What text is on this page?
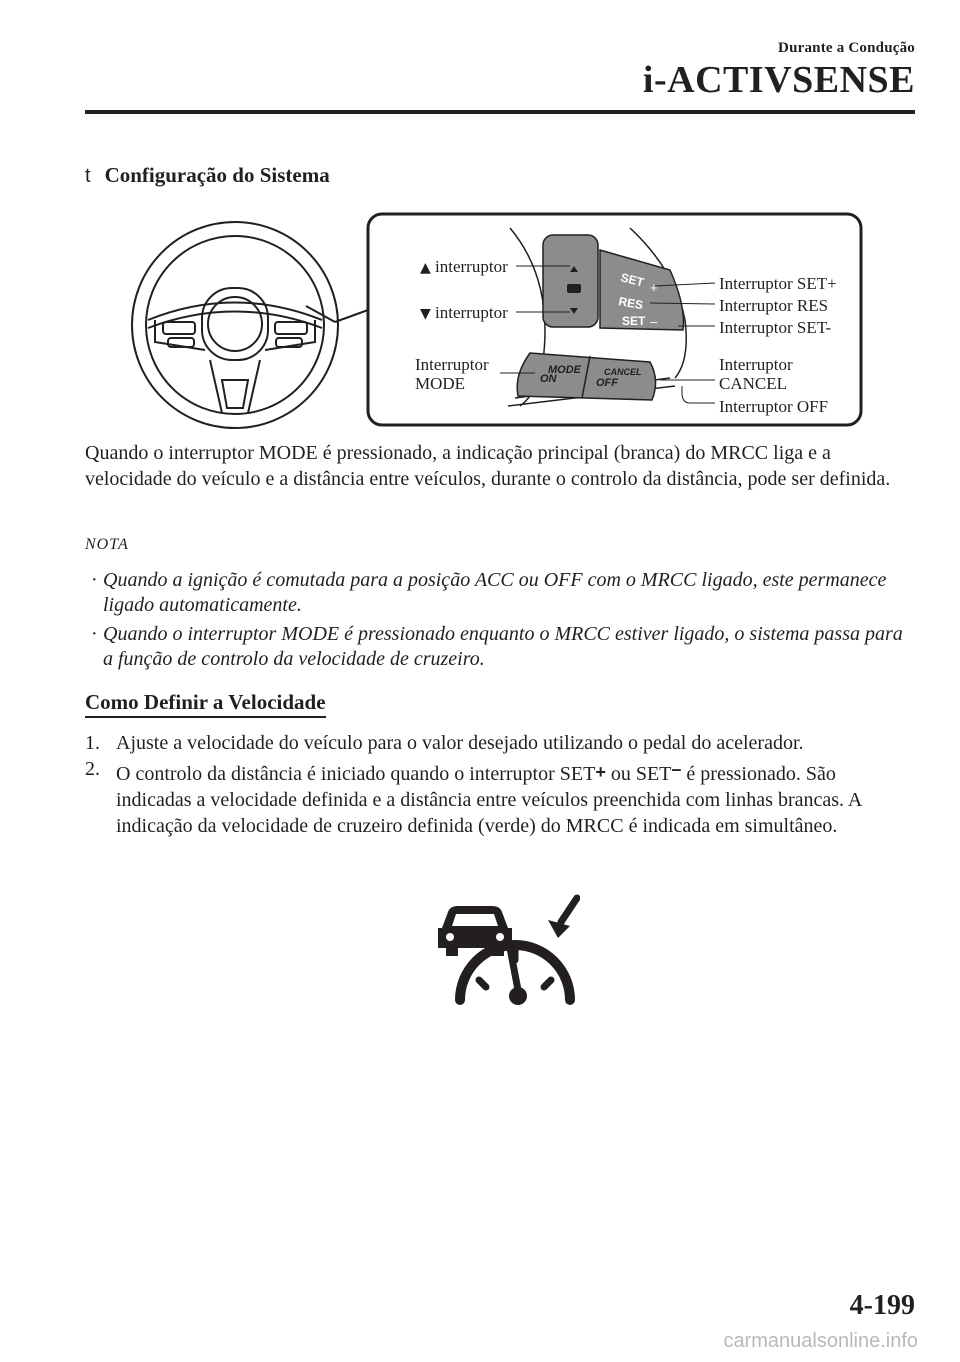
Durante a Condução
i-ACTIVSENSE
t Configuração do Sistema
SET +
RES
SET –
ON
MODE
OFF
CANCEL
▲ interruptor
▼ interruptor
Interruptor
MODE
Interruptor SET+
Interruptor RES
Interruptor SET-
Interruptor
CANCEL
Interruptor OFF
Quando o interruptor MODE é pressionado, a indicação principal (branca) do MRCC liga e a velocidade do veículo e a distância entre veículos, durante o controlo da distância, pode ser definida.
NOTA
· Quando a ignição é comutada para a posição ACC ou OFF com o MRCC ligado, este permanece ligado automaticamente.
· Quando o interruptor MODE é pressionado enquanto o MRCC estiver ligado, o sistema passa para a função de controlo da velocidade de cruzeiro.
Como Definir a Velocidade
1. Ajuste a velocidade do veículo para o valor desejado utilizando o pedal do acelerador.
2. O controlo da distância é iniciado quando o interruptor SET+ ou SET– é pressionado. São indicadas a velocidade definida e a distância entre veículos preenchida com linhas brancas. A indicação da velocidade de cruzeiro definida (verde) do MRCC é indicada em simultâneo.
4-199
carmanualsonline.info
